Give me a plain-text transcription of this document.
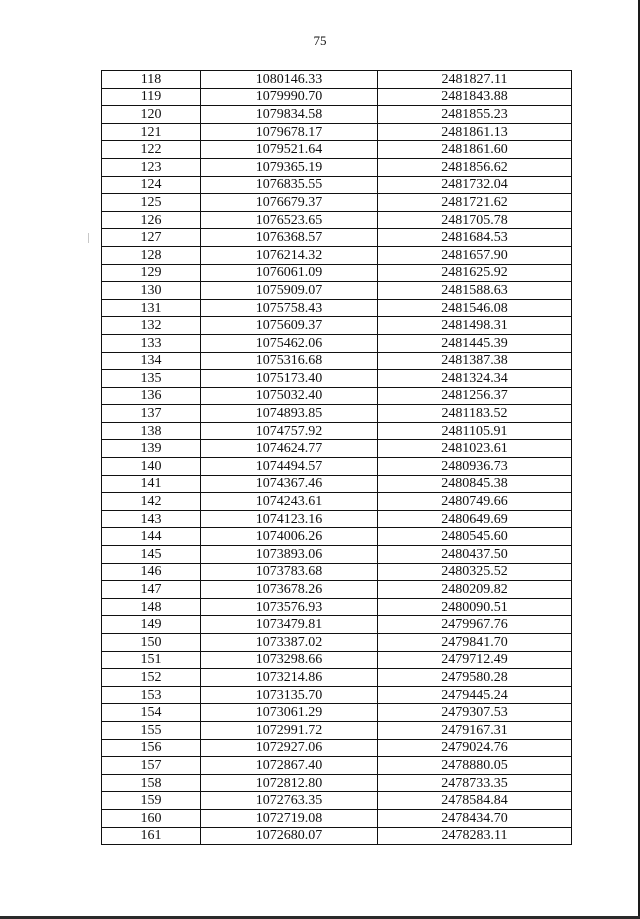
75
118	1080146.33	2481827.11
119	1079990.70	2481843.88
120	1079834.58	2481855.23
121	1079678.17	2481861.13
122	1079521.64	2481861.60
123	1079365.19	2481856.62
124	1076835.55	2481732.04
125	1076679.37	2481721.62
126	1076523.65	2481705.78
127	1076368.57	2481684.53
128	1076214.32	2481657.90
129	1076061.09	2481625.92
130	1075909.07	2481588.63
131	1075758.43	2481546.08
132	1075609.37	2481498.31
133	1075462.06	2481445.39
134	1075316.68	2481387.38
135	1075173.40	2481324.34
136	1075032.40	2481256.37
137	1074893.85	2481183.52
138	1074757.92	2481105.91
139	1074624.77	2481023.61
140	1074494.57	2480936.73
141	1074367.46	2480845.38
142	1074243.61	2480749.66
143	1074123.16	2480649.69
144	1074006.26	2480545.60
145	1073893.06	2480437.50
146	1073783.68	2480325.52
147	1073678.26	2480209.82
148	1073576.93	2480090.51
149	1073479.81	2479967.76
150	1073387.02	2479841.70
151	1073298.66	2479712.49
152	1073214.86	2479580.28
153	1073135.70	2479445.24
154	1073061.29	2479307.53
155	1072991.72	2479167.31
156	1072927.06	2479024.76
157	1072867.40	2478880.05
158	1072812.80	2478733.35
159	1072763.35	2478584.84
160	1072719.08	2478434.70
161	1072680.07	2478283.11
